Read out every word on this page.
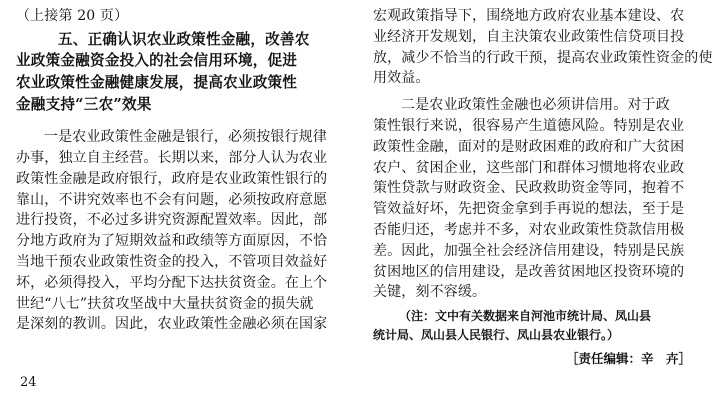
（上接第 20 页）
五、正确认识农业政策性金融，改善农
业政策金融资金投入的社会信用环境，促进
农业政策性金融健康发展，提高农业政策性
金融支持“三农”效果
一是农业政策性金融是银行，必须按银行规律
办事，独立自主经营。长期以来，部分人认为农业
政策性金融是政府银行，政府是农业政策性银行的
靠山，不讲究效率也不会有问题，必须按政府意愿
进行投资，不必过多讲究资源配置效率。因此，部
分地方政府为了短期效益和政绩等方面原因，不恰
当地干预农业政策性资金的投入，不管项目效益好
坏，必须得投入，平均分配下达扶贫资金。在上个
世纪“八七”扶贫攻坚战中大量扶贫资金的损失就
是深刻的教训。因此，农业政策性金融必须在国家
宏观政策指导下，围绕地方政府农业基本建设、农
业经济开发规划，自主決策农业政策性信贷项目投
放，减少不恰当的行政干预，提高农业政策性资金的使
用效益。
二是农业政策性金融也必须讲信用。对于政
策性银行来说，很容易产生道德风险。特别是农业
政策性金融，面对的是财政困难的政府和广大贫困
农户、贫困企业，这些部门和群体习惯地将农业政
策性贷款与财政资金、民政救助资金等同，抱着不
管效益好坏，先把资金拿到手再说的想法，至于是
否能归还，考虑并不多，对农业政策性贷款信用极
差。因此，加强全社会经济信用建设，特别是民族
贫困地区的信用建设，是改善贫困地区投资环境的
关键，刻不容缓。
（注：文中有关数据来自河池市统计局、凤山县
统计局、凤山县人民银行、凤山县农业银行。）
［责任编辑：辛　卉］
24
